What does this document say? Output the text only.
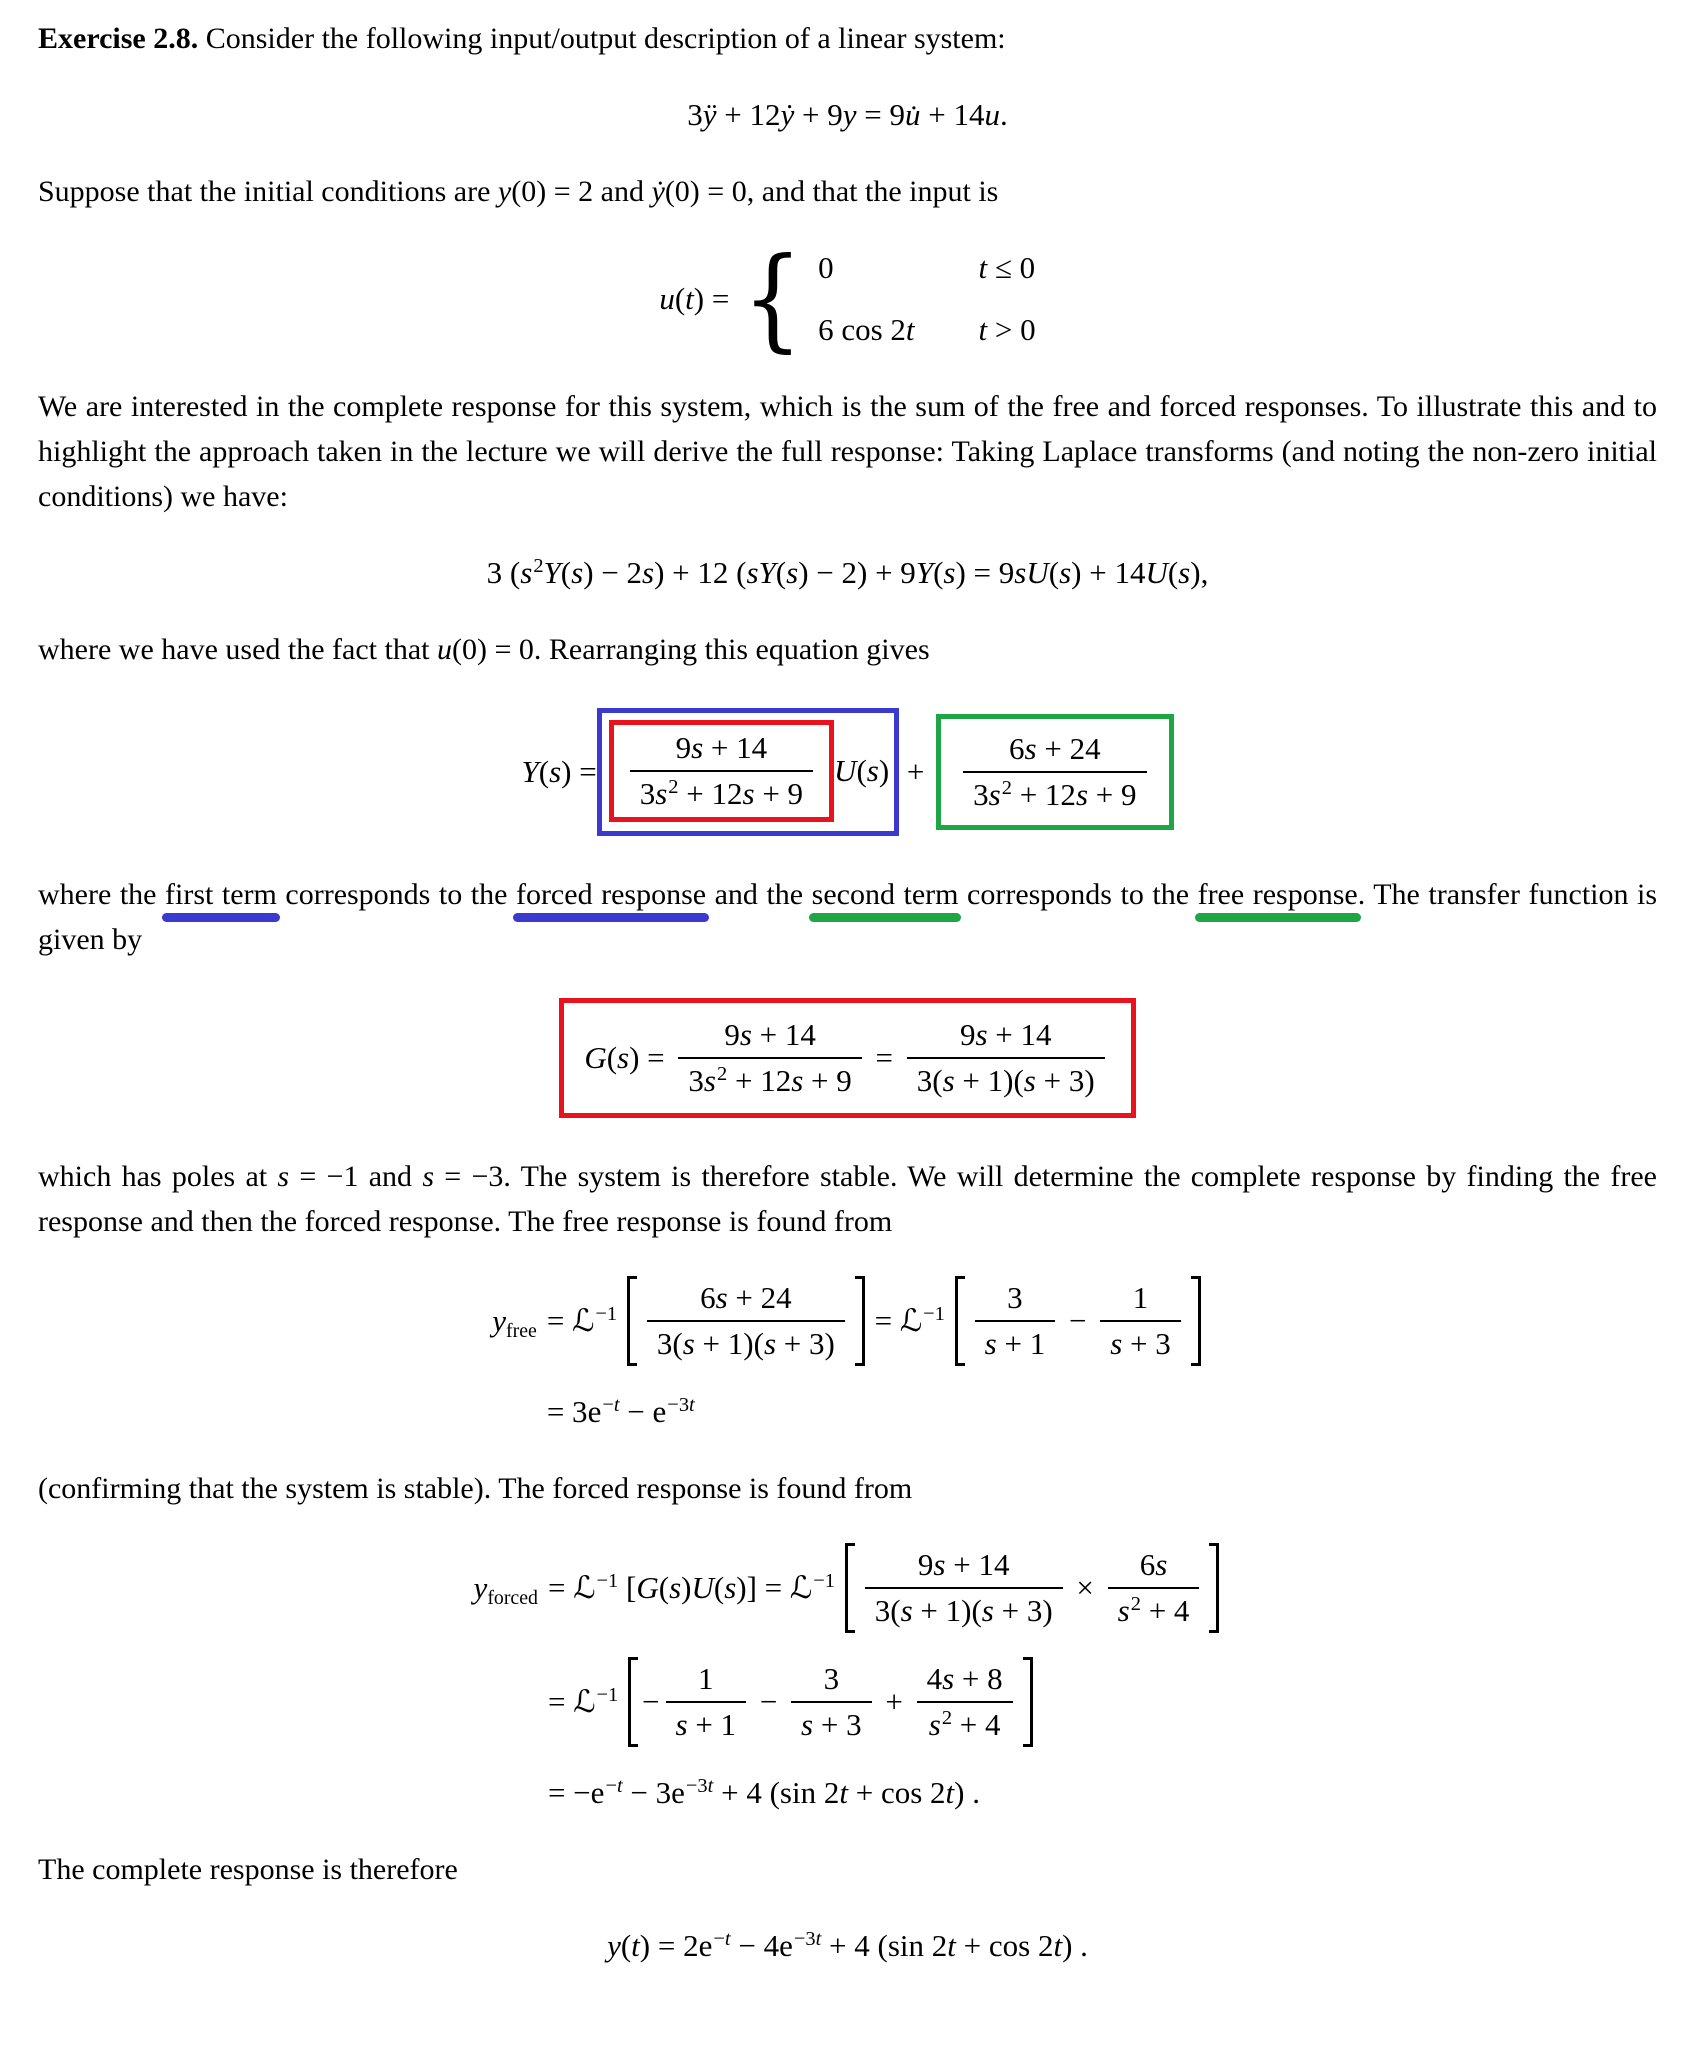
Exercise 2.8. Consider the following input/output description of a linear system:
3ÿ + 12ẏ + 9y = 9u̇ + 14u.
Suppose that the initial conditions are y(0) = 2 and ẏ(0) = 0, and that the input is
u(t) = { 0	t ≤ 0
6 cos 2t t > 0
We are interested in the complete response for this system, which is the sum of the free and forced responses. To illustrate this and to highlight the approach taken in the lecture we will derive the full response: Taking Laplace transforms (and noting the non-zero initial conditions) we have:
3 $(s^2Y(s) - 2s) + 12$ (sY(s) − 2) + 9Y(s) = 9sU(s) + 14U(s),
where we have used the fact that u(0) = 0. Rearranging this equation gives
$Y(s) = \frac{9s + 14}{3s^2 + 12s + 9} U(s) + \frac{6s + 24}{3s^2 + 12s + 9}$
where the first term corresponds to the forced response and the second term corresponds to the free response. The transfer function is given by
$G(s) = \frac{9s + 14}{3s^2 + 12s + 9} = \frac{9s + 14}{3(s + 1)(s + 3)}$
which has poles at s = −1 and s = −3. The system is therefore stable. We will determine the complete response by finding the free response and then the forced response. The free response is found from
y free = ℒ$^{-1}$ $\frac{6s + 24}{3(s + 1)(s + 3)}$ = ℒ$^{-1}$ $\frac{3}{s + 1} - \frac{1}{s + 3}$
= $3e^{-t} - e^{-3t}$
(confirming that the system is stable). The forced response is found from
y forced = ℒ$^{-1}$ [G(s)U(s)] = ℒ$^{-1}$ $\frac{9s + 14}{3(s + 1)(s + 3)} \times \frac{6s}{s^2 + 4}$
= ℒ$^{-1}$ − $\frac{1}{s + 1} - \frac{3}{s + 3} + \frac{4s + 8}{s^2 + 4}$
= $-e^{-t} - 3e^{-3t} + 4$ (sin 2t + cos 2t) .
The complete response is therefore
$y(t) = 2e^{-t} - 4e^{-3t} + 4$ (sin 2t + cos 2t) .
